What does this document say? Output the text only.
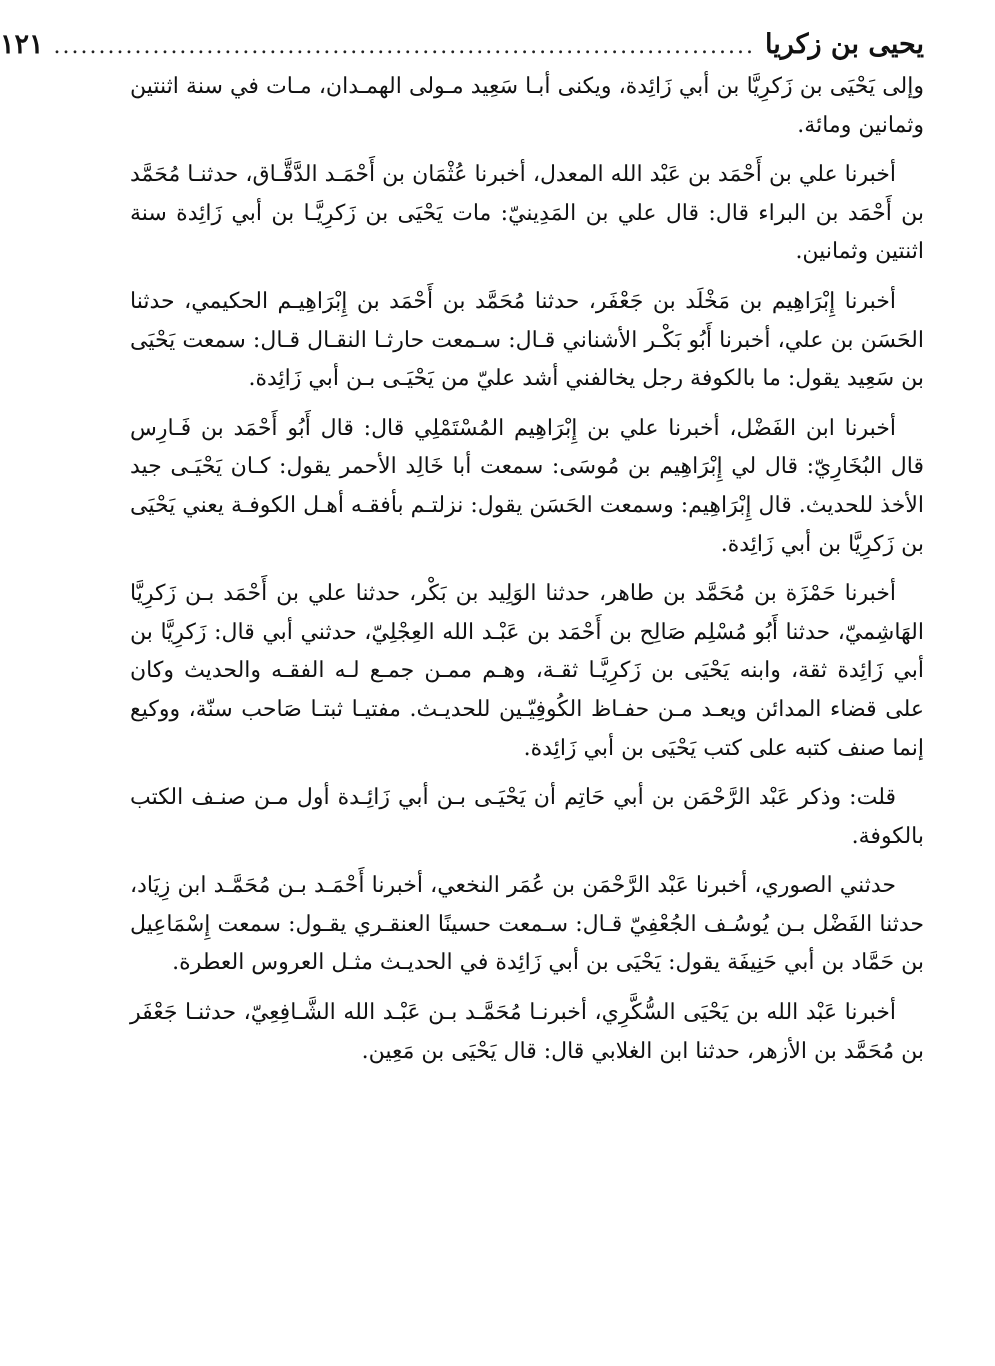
يحيى بن زكريا
..............................................................................
١٢١

وإلى يَحْيَى بن زَكرِيَّا بن أبي زَائِدة، ويكنى أبـا سَعِيد مـولى الهمـدان، مـات في سنة اثنتين وثمانين ومائة.

أخبرنا علي بن أَحْمَد بن عَبْد الله المعدل، أخبرنا عُثْمَان بن أَحْمَـد الدَّقَّـاق، حدثنـا مُحَمَّد بن أَحْمَد بن البراء قال: قال علي بن المَدِينيّ: مات يَحْيَى بن زَكرِيَّـا بن أبي زَائِدة سنة اثنتين وثمانين.

أخبرنا إِبْرَاهِيم بن مَخْلَد بن جَعْفَر، حدثنا مُحَمَّد بن أَحْمَد بن إِبْرَاهِيـم الحكيمي، حدثنا الحَسَن بن علي، أخبرنا أَبُو بَكْـر الأشناني قـال: سـمعت حارثـا النقـال قـال: سمعت يَحْيَى بن سَعِيد يقول: ما بالكوفة رجل يخالفني أشد عليّ من يَحْيَـى بـن أبي زَائِدة.

أخبرنا ابن الفَضْل، أخبرنا علي بن إِبْرَاهِيم المُسْتَمْلِي قال: قال أَبُو أَحْمَد بن فَـارِس قال البُخَارِيّ: قال لي إِبْرَاهِيم بن مُوسَى: سمعت أبا خَالِد الأحمر يقول: كـان يَحْيَـى جيد الأخذ للحديث. قال إِبْرَاهِيم: وسمعت الحَسَن يقول: نزلتـم بأفقـه أهـل الكوفـة يعني يَحْيَى بن زَكرِيَّا بن أبي زَائِدة.

أخبرنا حَمْزَة بن مُحَمَّد بن طاهر، حدثنا الوَلِيد بن بَكْر، حدثنا علي بن أَحْمَد بـن زَكرِيَّا الهَاشِميّ، حدثنا أَبُو مُسْلِم صَالِح بن أَحْمَد بن عَبْـد الله العِجْلِيّ، حدثني أبي قال: زَكرِيَّا بن أبي زَائِدة ثقة، وابنه يَحْيَى بن زَكرِيَّـا ثقـة، وهـم ممـن جمـع لـه الفقـه والحديث وكان على قضاء المدائن ويعـد مـن حفـاظ الكُوفِيّـين للحديـث. مفتيـا ثبتـا صَاحب سنّة، ووكيع إنما صنف كتبه على كتب يَحْيَى بن أبي زَائِدة.

قلت: وذكر عَبْد الرَّحْمَن بن أبي حَاتِم أن يَحْيَـى بـن أبي زَائِـدة أول مـن صنـف الكتب بالكوفة.

حدثني الصوري، أخبرنا عَبْد الرَّحْمَن بن عُمَر النخعي، أخبرنا أَحْمَـد بـن مُحَمَّـد ابن زِيَاد، حدثنا الفَضْل بـن يُوسُـف الجُعْفِيّ قـال: سـمعت حسينًا العنقـري يقـول: سمعت إِسْمَاعِيل بن حَمَّاد بن أبي حَنِيفَة يقول: يَحْيَى بن أبي زَائِدة في الحديـث مثـل العروس العطرة.

أخبرنا عَبْد الله بن يَحْيَى السُّكَّرِي، أخبرنـا مُحَمَّـد بـن عَبْـد الله الشَّـافِعِيّ، حدثنـا جَعْفَر بن مُحَمَّد بن الأزهر، حدثنا ابن الغلابي قال: قال يَحْيَى بن مَعِين.
